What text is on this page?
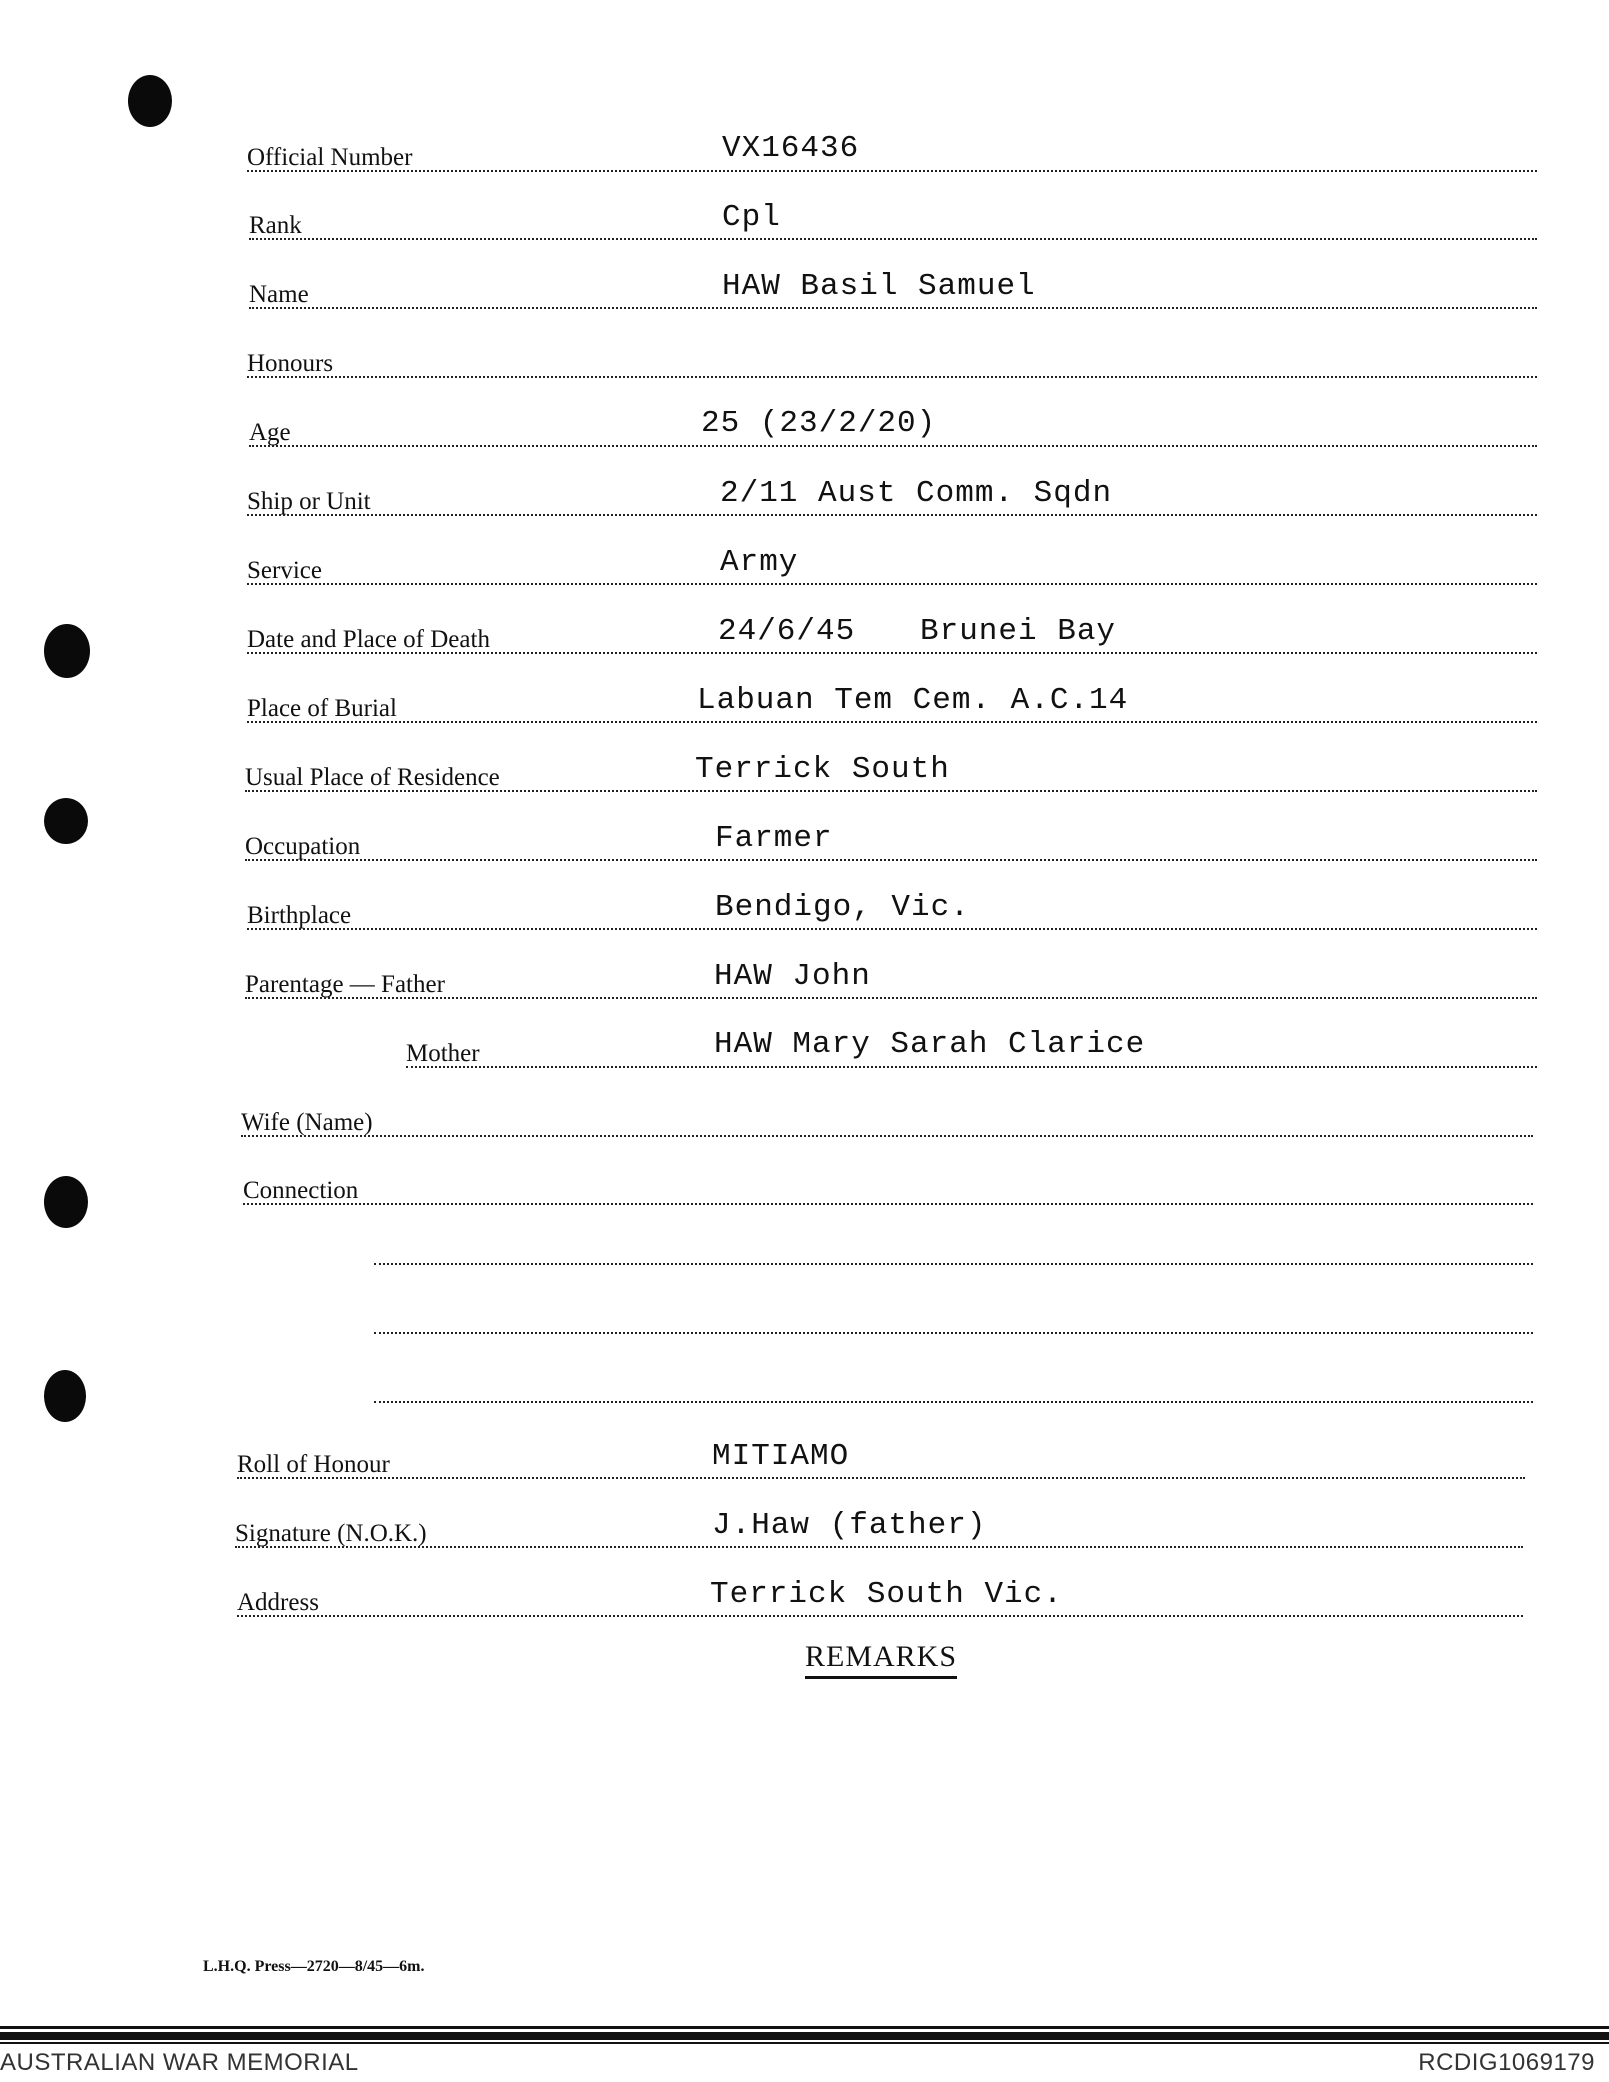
Official Number	VX16436
Rank	Cpl
Name	HAW Basil Samuel
Honours
Age	25 (23/2/20)
Ship or Unit	2/11 Aust Comm. Sqdn
Service	Army
Date and Place of Death	24/6/45 Brunei Bay
Place of Burial	Labuan Tem Cem. A.C.14
Usual Place of Residence	Terrick South
Occupation	Farmer
Birthplace	Bendigo, Vic.
Parentage — Father	HAW John
Mother	HAW Mary Sarah Clarice
Wife (Name)
Connection
Roll of Honour	MITIAMO
Signature (N.O.K.)	J.Haw (father)
Address	Terrick South Vic.
REMARKS
L.H.Q. Press—2720—8/45—6m.
AUSTRALIAN WAR MEMORIAL	RCDIG1069179
